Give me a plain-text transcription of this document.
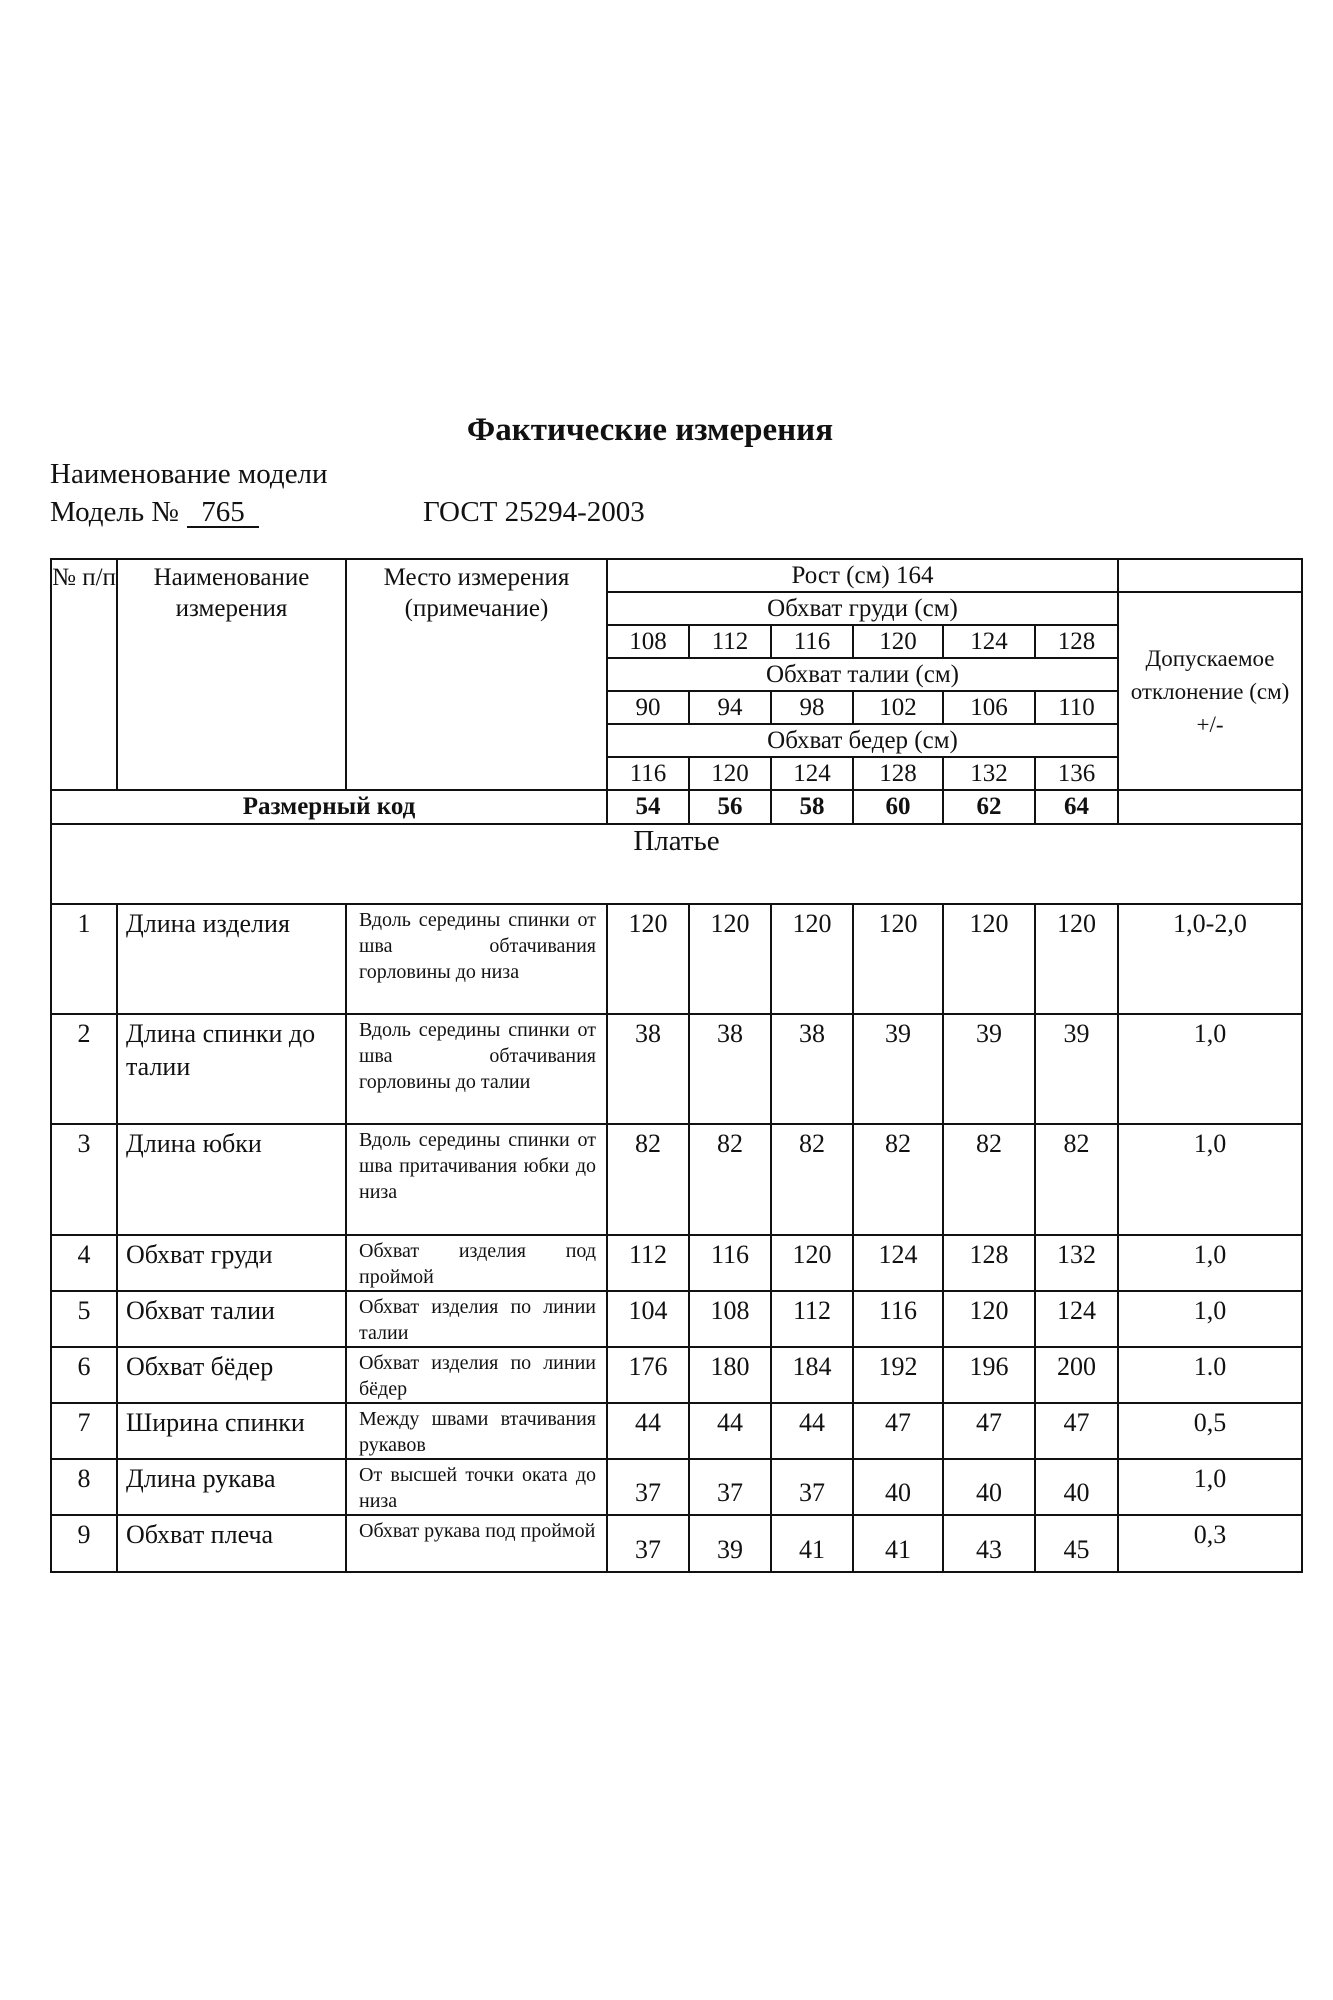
Фактические измерения
Наименование модели
Модель № 765	ГОСТ 25294-2003
№ п/п	Наименование измерения	Место измерения (примечание)	Рост (см) 164						
			Обхват груди (см)						Допускаемое отклонение (см) +/-
			108	112	116	120	124	128	
			Обхват талии (см)						
			90	94	98	102	106	110	
			Обхват бедер (см)						
			116	120	124	128	132	136	
Размерный код			54	56	58	60	62	64	
Платье									
1	Длина изделия	Вдоль середины спинки от шва обтачивания горловины до низа	120	120	120	120	120	120	1,0-2,0
2	Длина спинки до талии	Вдоль середины спинки от шва обтачивания горловины до талии	38	38	38	39	39	39	1,0
3	Длина юбки	Вдоль середины спинки от шва притачивания юбки до низа	82	82	82	82	82	82	1,0
4	Обхват груди	Обхват изделия под проймой	112	116	120	124	128	132	1,0
5	Обхват талии	Обхват изделия по линии талии	104	108	112	116	120	124	1,0
6	Обхват бёдер	Обхват изделия по линии бёдер	176	180	184	192	196	200	1.0
7	Ширина спинки	Между швами втачивания рукавов	44	44	44	47	47	47	0,5
8	Длина рукава	От высшей точки оката до низа	37	37	37	40	40	40	1,0
9	Обхват плеча	Обхват рукава под проймой	37	39	41	41	43	45	0,3
